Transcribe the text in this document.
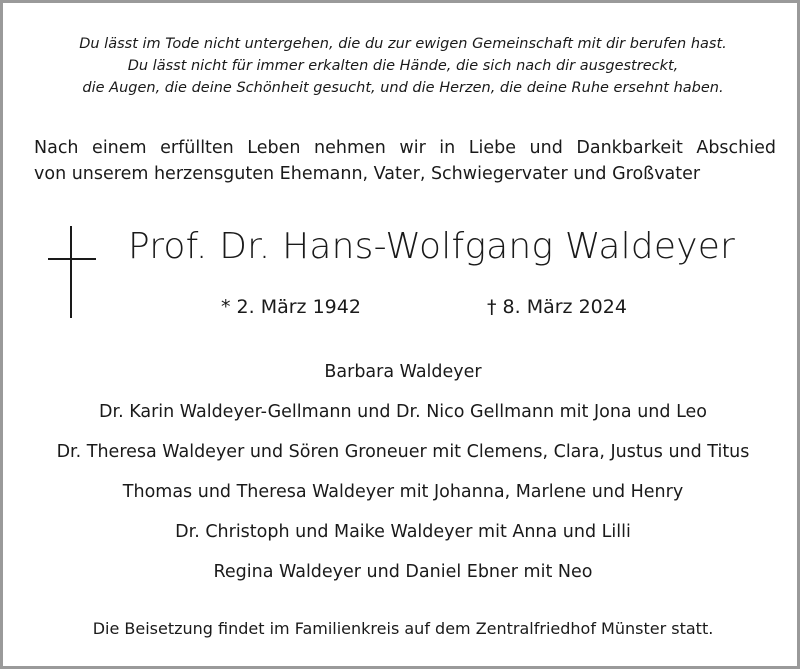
Du lässt im Tode nicht untergehen, die du zur ewigen Gemeinschaft mit dir berufen hast.
Du lässt nicht für immer erkalten die Hände, die sich nach dir ausgestreckt,
die Augen, die deine Schönheit gesucht, und die Herzen, die deine Ruhe ersehnt haben.
Nach einem erfüllten Leben nehmen wir in Liebe und Dankbarkeit Abschied
von unserem herzensguten Ehemann, Vater, Schwiegervater und Großvater
Prof. Dr. Hans-Wolfgang Waldeyer
* 2. März 1942	† 8. März 2024
Barbara Waldeyer
Dr. Karin Waldeyer-Gellmann und Dr. Nico Gellmann mit Jona und Leo
Dr. Theresa Waldeyer und Sören Groneuer mit Clemens, Clara, Justus und Titus
Thomas und Theresa Waldeyer mit Johanna, Marlene und Henry
Dr. Christoph und Maike Waldeyer mit Anna und Lilli
Regina Waldeyer und Daniel Ebner mit Neo
Die Beisetzung findet im Familienkreis auf dem Zentralfriedhof Münster statt.
